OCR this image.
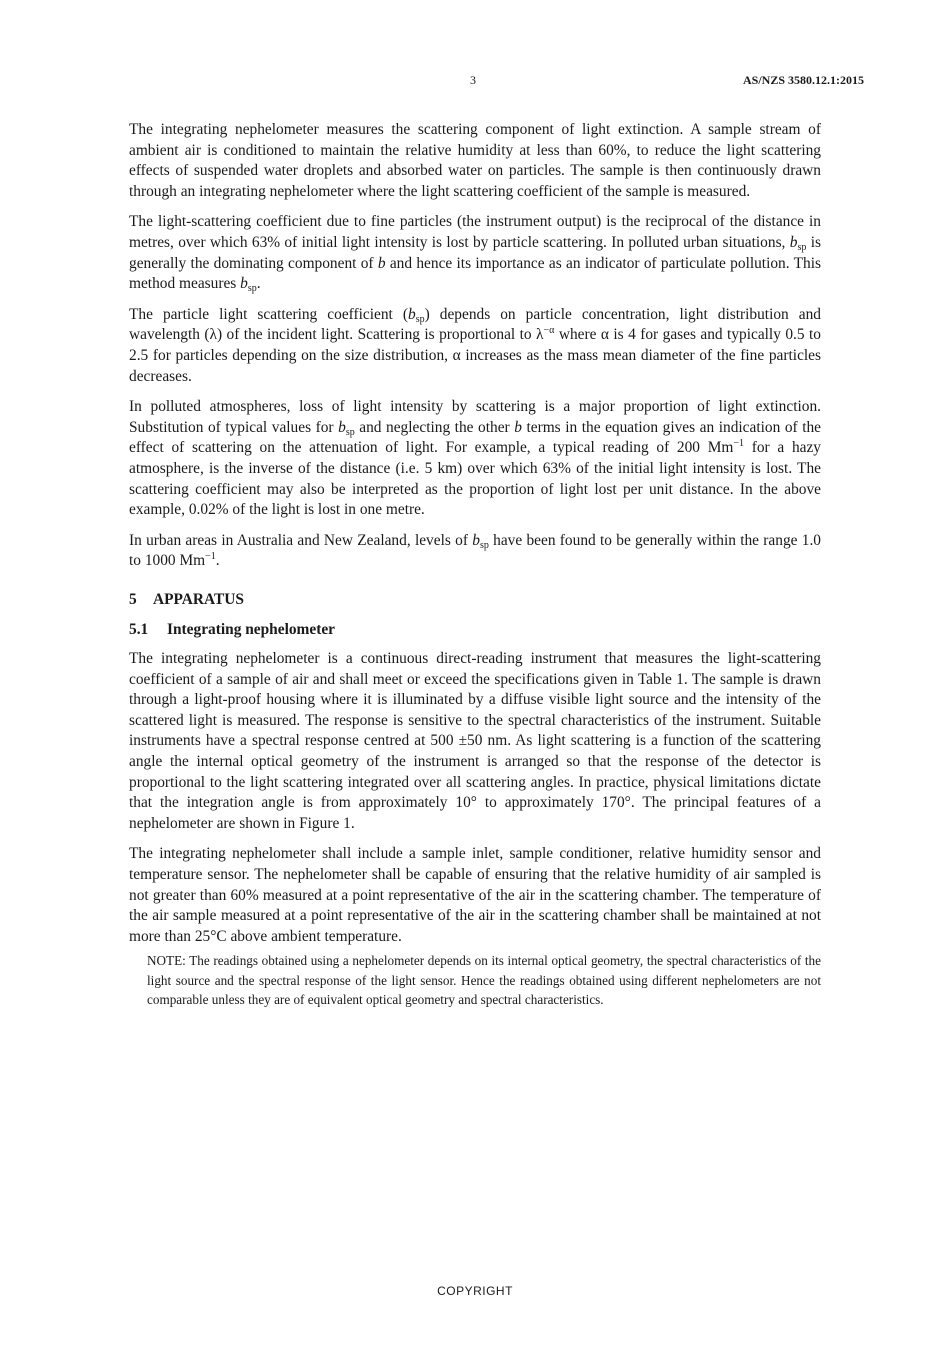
3	AS/NZS 3580.12.1:2015

The integrating nephelometer measures the scattering component of light extinction. A sample stream of ambient air is conditioned to maintain the relative humidity at less than 60%, to reduce the light scattering effects of suspended water droplets and absorbed water on particles. The sample is then continuously drawn through an integrating nephelometer where the light scattering coefficient of the sample is measured.

The light-scattering coefficient due to fine particles (the instrument output) is the reciprocal of the distance in metres, over which 63% of initial light intensity is lost by particle scattering. In polluted urban situations, $b_{sp}$ is generally the dominating component of b and hence its importance as an indicator of particulate pollution. This method measures $b_{sp}$.

The particle light scattering coefficient $(b_{sp})$ depends on particle concentration, light distribution and wavelength (λ) of the incident light. Scattering is proportional to $\lambda^{-\alpha}$ where α is 4 for gases and typically 0.5 to 2.5 for particles depending on the size distribution, α increases as the mass mean diameter of the fine particles decreases.

In polluted atmospheres, loss of light intensity by scattering is a major proportion of light extinction. Substitution of typical values for $b_{sp}$ and neglecting the other b terms in the equation gives an indication of the effect of scattering on the attenuation of light. For example, a typical reading of 200 $Mm^{-1}$ for a hazy atmosphere, is the inverse of the distance (i.e. 5 km) over which 63% of the initial light intensity is lost. The scattering coefficient may also be interpreted as the proportion of light lost per unit distance. In the above example, 0.02% of the light is lost in one metre.

In urban areas in Australia and New Zealand, levels of $b_{sp}$ have been found to be generally within the range 1.0 to 1000 $Mm^{-1}$.

5 APPARATUS
5.1 Integrating nephelometer

The integrating nephelometer is a continuous direct-reading instrument that measures the light-scattering coefficient of a sample of air and shall meet or exceed the specifications given in Table 1. The sample is drawn through a light-proof housing where it is illuminated by a diffuse visible light source and the intensity of the scattered light is measured. The response is sensitive to the spectral characteristics of the instrument. Suitable instruments have a spectral response centred at 500 ±50 nm. As light scattering is a function of the scattering angle the internal optical geometry of the instrument is arranged so that the response of the detector is proportional to the light scattering integrated over all scattering angles. In practice, physical limitations dictate that the integration angle is from approximately 10° to approximately 170°. The principal features of a nephelometer are shown in Figure 1.

The integrating nephelometer shall include a sample inlet, sample conditioner, relative humidity sensor and temperature sensor. The nephelometer shall be capable of ensuring that the relative humidity of air sampled is not greater than 60% measured at a point representative of the air in the scattering chamber. The temperature of the air sample measured at a point representative of the air in the scattering chamber shall be maintained at not more than 25°C above ambient temperature.

NOTE: The readings obtained using a nephelometer depends on its internal optical geometry, the spectral characteristics of the light source and the spectral response of the light sensor. Hence the readings obtained using different nephelometers are not comparable unless they are of equivalent optical geometry and spectral characteristics.
COPYRIGHT
